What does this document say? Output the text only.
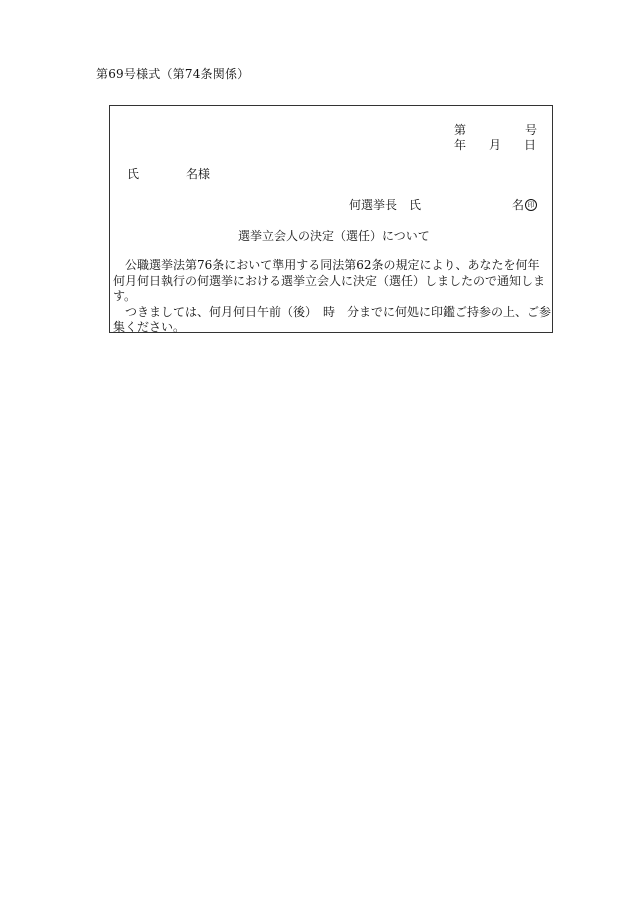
第69号様式（第74条関係）
第	号
年 月 日
氏	名様
何選挙長　氏	名 印
選挙立会人の決定（選任）について

公職選挙法第76条において準用する同法第62条の規定により、あなたを何年何月何日執行の何選挙における選挙立会人に決定（選任）しましたので通知します。

つきましては、何月何日午前（後）　時　分までに何処に印鑑ご持参の上、ご参集ください。
